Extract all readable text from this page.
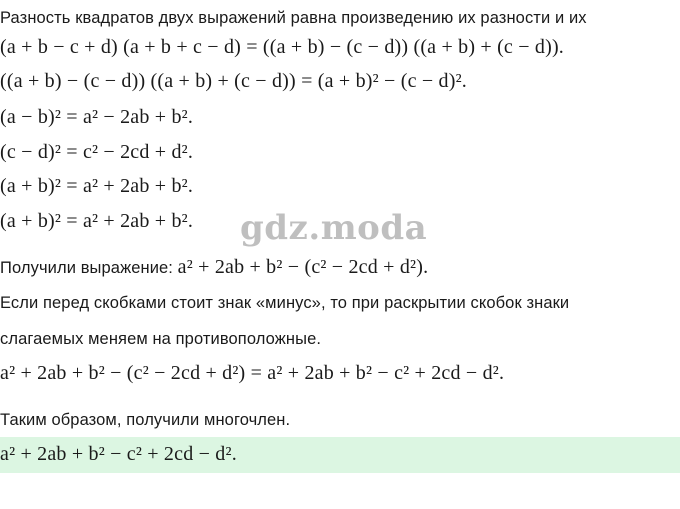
Разность квадратов двух выражений равна произведению их разности и их
(a + b − c + d) (a + b + c − d) = ((a + b) − (c − d)) ((a + b) + (c − d)).
((a + b) − (c − d)) ((a + b) + (c − d)) = (a + b)² − (c − d)².
(a − b)² = a² − 2ab + b².
(c − d)² = c² − 2cd + d².
(a + b)² = a² + 2ab + b².
(a + b)² = a² + 2ab + b². gdz.moda
Получили выражение: a² + 2ab + b² − (c² − 2cd + d²).
Если перед скобками стоит знак «минус», то при раскрытии скобок знаки
слагаемых меняем на противоположные.
a² + 2ab + b² − (c² − 2cd + d²) = a² + 2ab + b² − c² + 2cd − d².
Таким образом, получили многочлен.
a² + 2ab + b² − c² + 2cd − d².
